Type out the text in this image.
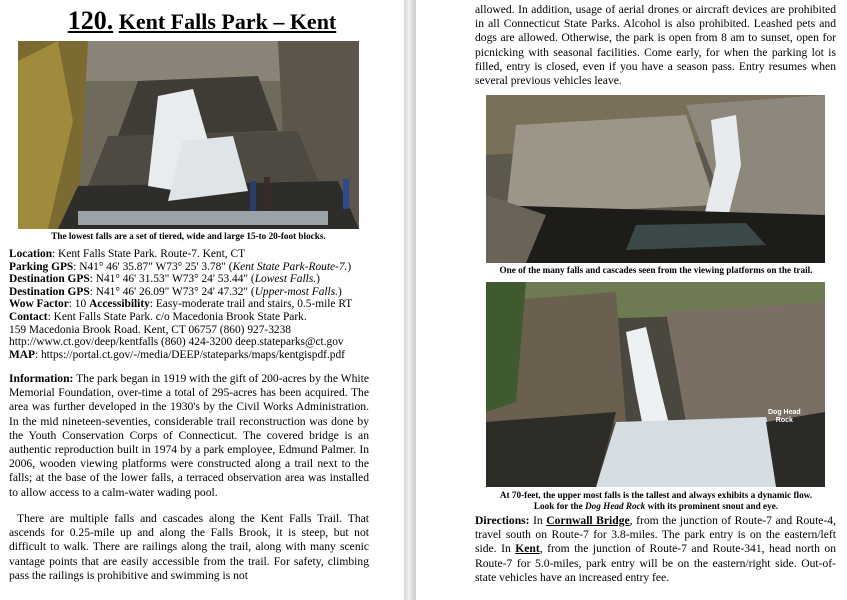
120. Kent Falls Park – Kent
The lowest falls are a set of tiered, wide and large 15-to 20-foot blocks.
Location: Kent Falls State Park. Route-7. Kent, CT
Parking GPS: N41° 46' 35.87" W73° 25' 3.78" (Kent State Park-Route-7.)
Destination GPS: N41° 46' 31.53" W73° 24' 53.44" (Lowest Falls.)
Destination GPS: N41° 46' 26.09" W73° 24' 47.32" (Upper-most Falls.)
Wow Factor: 10 Accessibility: Easy-moderate trail and stairs, 0.5-mile RT
Contact: Kent Falls State Park. c/o Macedonia Brook State Park.
159 Macedonia Brook Road. Kent, CT 06757 (860) 927-3238
http://www.ct.gov/deep/kentfalls (860) 424-3200 deep.stateparks@ct.gov
MAP: https://portal.ct.gov/-/media/DEEP/stateparks/maps/kentgispdf.pdf
Information: The park began in 1919 with the gift of 200-acres by the White Memorial Foundation, over-time a total of 295-acres has been acquired. The area was further developed in the 1930's by the Civil Works Administration. In the mid nineteen-seventies, considerable trail reconstruction was done by the Youth Conservation Corps of Connecticut. The covered bridge is an authentic reproduction built in 1974 by a park employee, Edmund Palmer. In 2006, wooden viewing platforms were constructed along a trail next to the falls; at the base of the lower falls, a terraced observation area was installed to allow access to a calm-water wading pool.
There are multiple falls and cascades along the Kent Falls Trail. That ascends for 0.25-mile up and along the Falls Brook, it is steep, but not difficult to walk. There are railings along the trail, along with many scenic vantage points that are easily accessible from the trail. For safety, climbing pass the railings is prohibitive and swimming is not
allowed. In addition, usage of aerial drones or aircraft devices are prohibited in all Connecticut State Parks. Alcohol is also prohibited. Leashed pets and dogs are allowed. Otherwise, the park is open from 8 am to sunset, open for picnicking with seasonal facilities. Come early, for when the parking lot is filled, entry is closed, even if you have a season pass. Entry resumes when several previous vehicles leave.
One of the many falls and cascades seen from the viewing platforms on the trail.
Dog Head
Rock
At 70-feet, the upper most falls is the tallest and always exhibits a dynamic flow.
Look for the Dog Head Rock with its prominent snout and eye.
Directions: In Cornwall Bridge, from the junction of Route-7 and Route-4, travel south on Route-7 for 3.8-miles. The park entry is on the eastern/left side. In Kent, from the junction of Route-7 and Route-341, head north on Route-7 for 5.0-miles, park entry will be on the eastern/right side. Out-of-state vehicles have an increased entry fee.
